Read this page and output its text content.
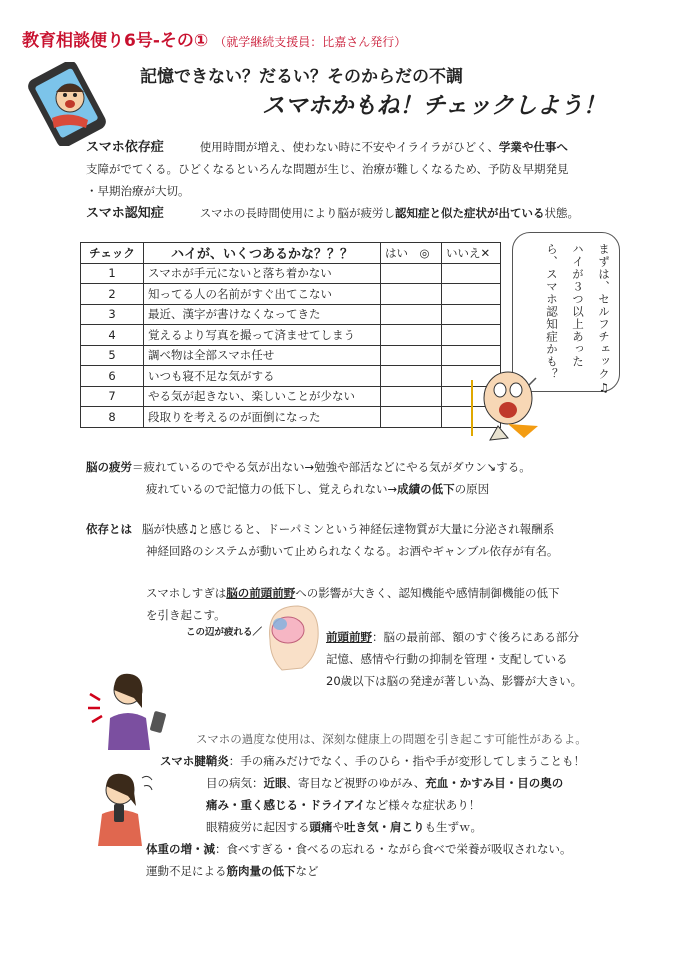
教育相談便り6号-その① （就学継続支援員：比嘉さん発行）
記憶できない？だるい？そのからだの不調
スマホかもね！チェックしよう！
スマホ依存症	使用時間が増え、使わない時に不安やイライラがひどく、学業や仕事へ
支障がでてくる。ひどくなるといろんな問題が生じ、治療が難しくなるため、予防＆早期発見
・早期治療が大切。
スマホ認知症	スマホの長時間使用により脳が疲労し認知症と似た症状が出ている状態。
チェック	ハイが、いくつあるかな？？？	はい　◎	いいえ✕
1	スマホが手元にないと落ち着かない		
2	知ってる人の名前がすぐ出てこない		
3	最近、漢字が書けなくなってきた		
4	覚えるより写真を撮って済ませてしまう		
5	調べ物は全部スマホ任せ		
6	いつも寝不足な気がする		
7	やる気が起きない、楽しいことが少ない		
8	段取りを考えるのが面倒になった		
まずは、セルフチェック♫
ハイが３つ以上あった
ら、スマホ認知症かも？
脳の疲労＝疲れているのでやる気が出ない→勉強や部活などにやる気がダウン↘する。
疲れているので記憶力の低下し、覚えられない→成績の低下の原因
依存とは 脳が快感♫と感じると、ドーパミンという神経伝達物質が大量に分泌され報酬系
神経回路のシステムが動いて止められなくなる。お酒やギャンブル依存が有名。
スマホしすぎは脳の前頭前野への影響が大きく、認知機能や感情制御機能の低下
を引き起こす。
この辺が疲れる／	前頭前野：脳の最前部、額のすぐ後ろにある部分
記憶、感情や行動の抑制を管理・支配している
20歳以下は脳の発達が著しい為、影響が大きい。
スマホの過度な使用は、深刻な健康上の問題を引き起こす可能性があるよ。
スマホ腱鞘炎：手の痛みだけでなく、手のひら・指や手が変形してしまうことも！
目の病気：近眼、寄目など視野のゆがみ、充血・かすみ目・目の奥の
痛み・重く感じる・ドライアイなど様々な症状あり！
眼精疲労に起因する頭痛や吐き気・肩こりも生ずｗ。
体重の増・減：食べすぎる・食べるの忘れる・ながら食べで栄養が吸収されない。
運動不足による筋肉量の低下など
